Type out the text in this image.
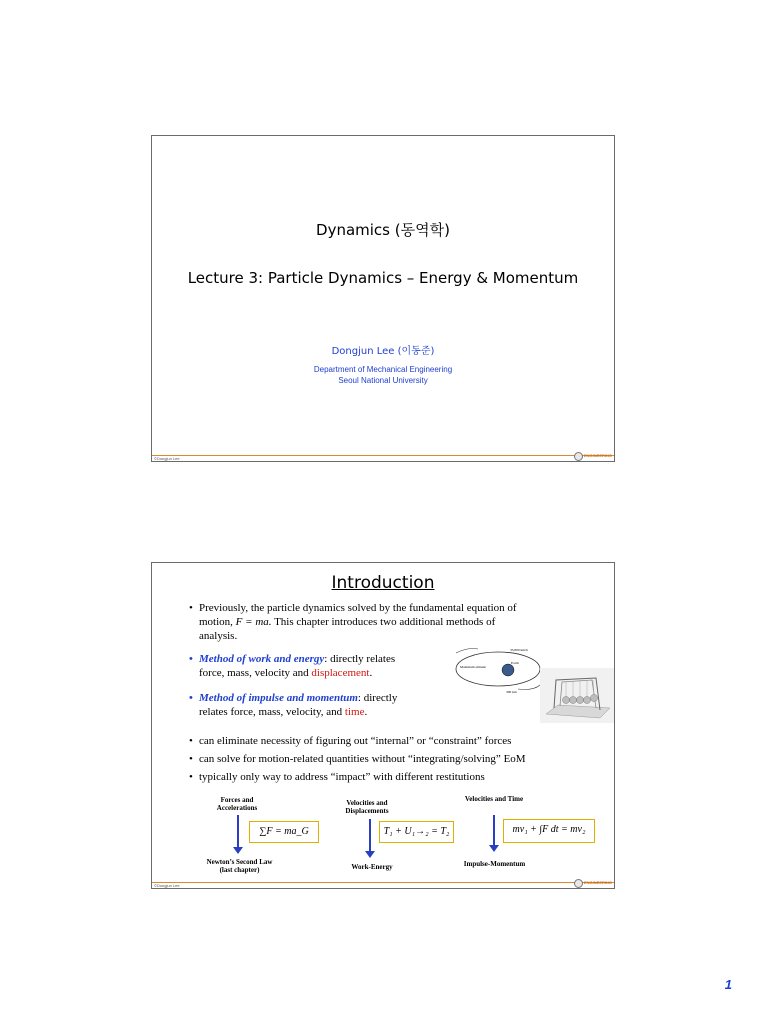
Dynamics (동역학)
Lecture 3: Particle Dynamics – Energy & Momentum
Dongjun Lee (이동준)
Department of Mechanical Engineering
Seoul National University
©Dongjun Lee
ENGINEERING
Introduction
• Previously, the particle dynamics solved by the fundamental equation of
motion, F = ma. This chapter introduces two additional methods of
analysis.
• Method of work and energy: directly relates
force, mass, velocity and displacement.
• Method of impulse and momentum: directly
relates force, mass, velocity, and time.
35,800 km/h
Maximum altitude
Earth
300 km
• can eliminate necessity of figuring out “internal” or “constraint” forces
• can solve for motion-related quantities without “integrating/solving” EoM
• typically only way to address “impact” with different restitutions
Forces and Accelerations
∑F = ma_G
Newton’s Second Law (last chapter)
Velocities and Displacements
T₁ + U₁→₂ = T₂
Work-Energy
Velocities and Time
mv₁ + ∫F dt = mv₂
Impulse-Momentum
©Dongjun Lee
ENGINEERING
1
